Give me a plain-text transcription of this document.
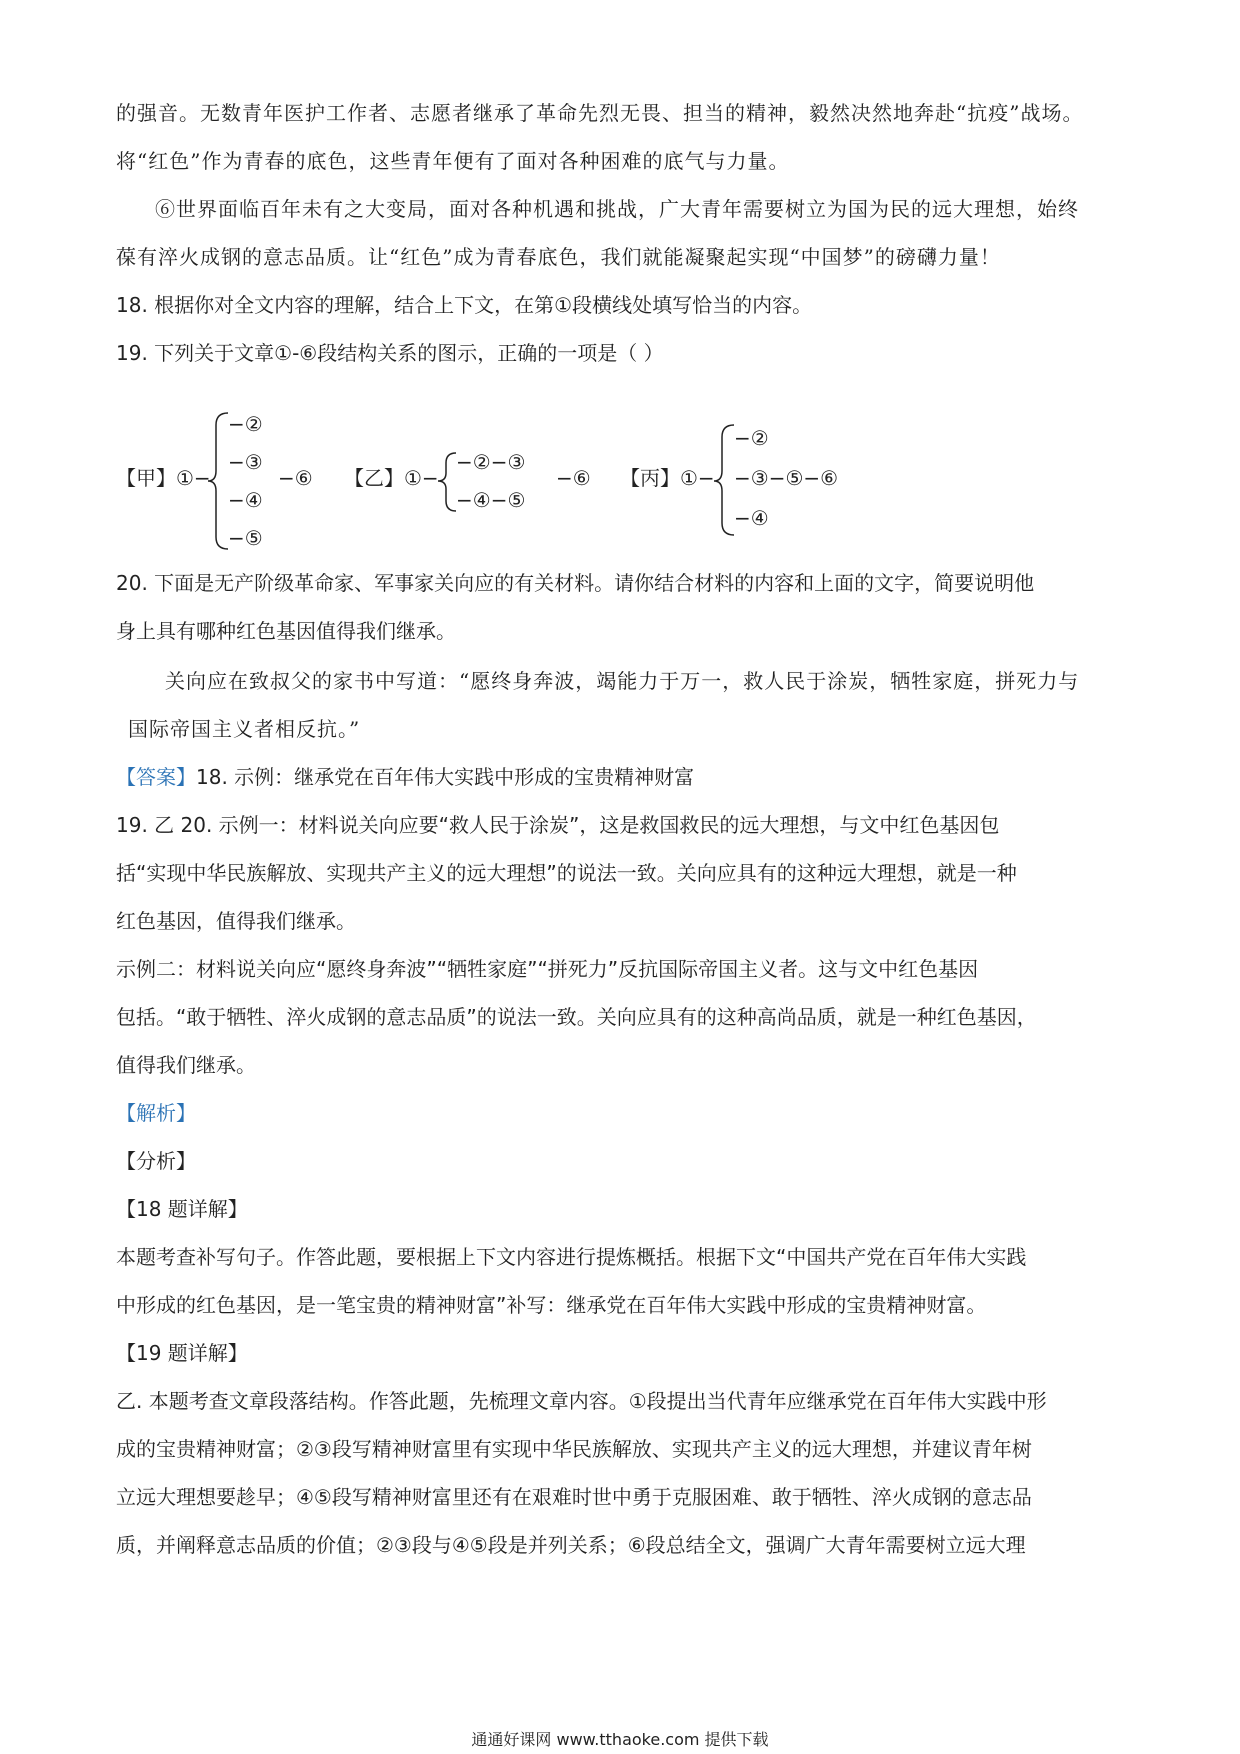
的强音。无数青年医护工作者、志愿者继承了革命先烈无畏、担当的精神，毅然决然地奔赴“抗疫”战场。
将“红色”作为青春的底色，这些青年便有了面对各种困难的底气与力量。
⑥世界面临百年未有之大变局，面对各种机遇和挑战，广大青年需要树立为国为民的远大理想，始终
葆有淬火成钢的意志品质。让“红色”成为青春底色，我们就能凝聚起实现“中国梦”的磅礴力量！
18. 根据你对全文内容的理解，结合上下文，在第①段横线处填写恰当的内容。
19. 下列关于文章①-⑥段结构关系的图示，正确的一项是（ ）
【甲】①−
−②
−③
−④
−⑤
−⑥ 【乙】①−
−②−③
−④−⑤
−⑥ 【丙】①−
−②
−③−⑤−⑥
−④
20. 下面是无产阶级革命家、军事家关向应的有关材料。请你结合材料的内容和上面的文字，简要说明他
身上具有哪种红色基因值得我们继承。
关向应在致叔父的家书中写道：“愿终身奔波，竭能力于万一，救人民于涂炭，牺牲家庭，拼死力与
国际帝国主义者相反抗。”
【答案】18. 示例：继承党在百年伟大实践中形成的宝贵精神财富
19. 乙 20. 示例一：材料说关向应要“救人民于涂炭”，这是救国救民的远大理想，与文中红色基因包
括“实现中华民族解放、实现共产主义的远大理想”的说法一致。关向应具有的这种远大理想，就是一种
红色基因，值得我们继承。
示例二：材料说关向应“愿终身奔波”“牺牲家庭”“拼死力”反抗国际帝国主义者。这与文中红色基因
包括。“敢于牺牲、淬火成钢的意志品质”的说法一致。关向应具有的这种高尚品质，就是一种红色基因，
值得我们继承。
【解析】
【分析】
【18 题详解】
本题考查补写句子。作答此题，要根据上下文内容进行提炼概括。根据下文“中国共产党在百年伟大实践
中形成的红色基因，是一笔宝贵的精神财富”补写：继承党在百年伟大实践中形成的宝贵精神财富。
【19 题详解】
乙. 本题考查文章段落结构。作答此题，先梳理文章内容。①段提出当代青年应继承党在百年伟大实践中形
成的宝贵精神财富；②③段写精神财富里有实现中华民族解放、实现共产主义的远大理想，并建议青年树
立远大理想要趁早；④⑤段写精神财富里还有在艰难时世中勇于克服困难、敢于牺牲、淬火成钢的意志品
质，并阐释意志品质的价值；②③段与④⑤段是并列关系；⑥段总结全文，强调广大青年需要树立远大理
通通好课网 www.tthaoke.com 提供下载
